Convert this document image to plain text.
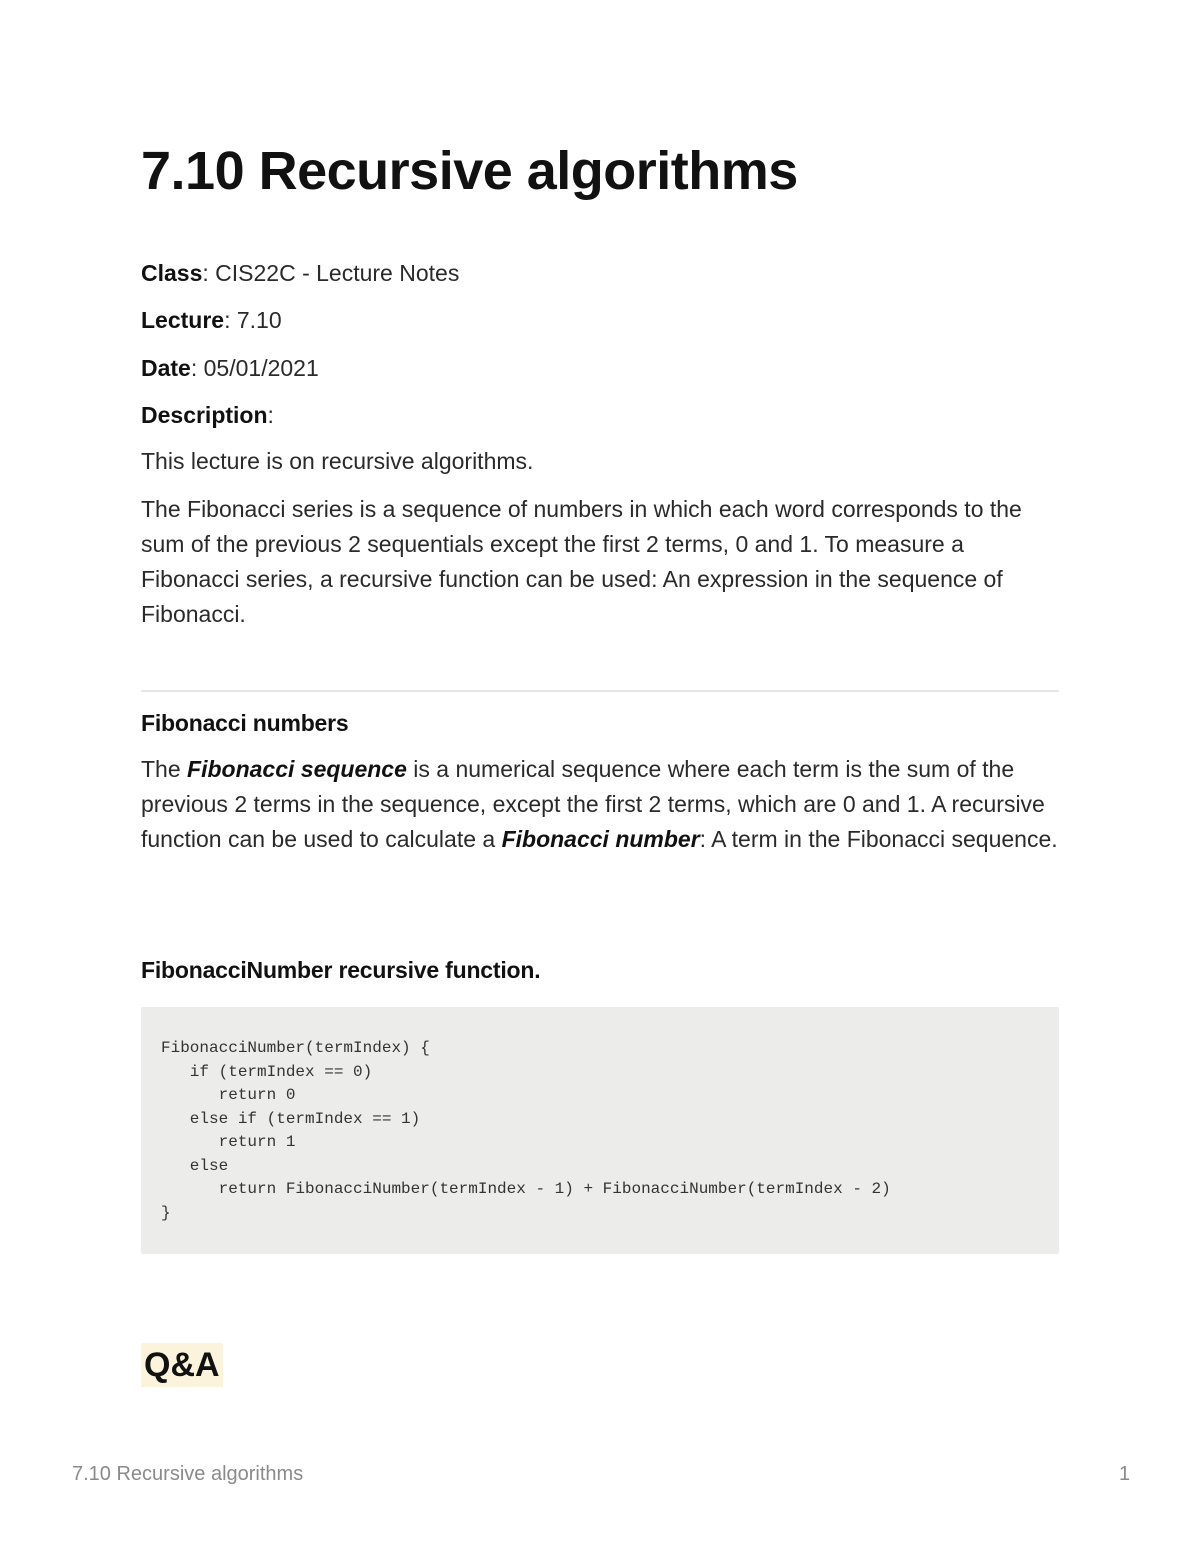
7.10 Recursive algorithms

Class: CIS22C - Lecture Notes

Lecture: 7.10

Date: 05/01/2021

Description:

This lecture is on recursive algorithms.

The Fibonacci series is a sequence of numbers in which each word corresponds to the sum of the previous 2 sequentials except the first 2 terms, 0 and 1. To measure a Fibonacci series, a recursive function can be used: An expression in the sequence of Fibonacci.

Fibonacci numbers

The Fibonacci sequence is a numerical sequence where each term is the sum of the previous 2 terms in the sequence, except the first 2 terms, which are 0 and 1. A recursive function can be used to calculate a Fibonacci number: A term in the Fibonacci sequence.

FibonacciNumber recursive function.
FibonacciNumber(termIndex) {
if (termIndex == 0)
return 0
else if (termIndex == 1)
return 1
else
return FibonacciNumber(termIndex - 1) + FibonacciNumber(termIndex - 2)
}
Q&A
7.10 Recursive algorithms	1
